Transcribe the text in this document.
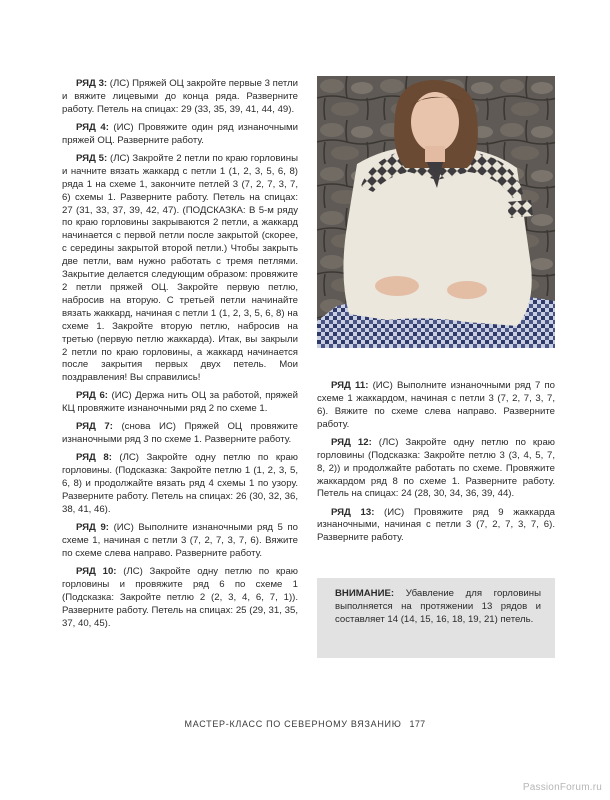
РЯД 3: (ЛС) Пряжей ОЦ закройте первые 3 петли и вяжите лицевыми до конца ряда. Разверните работу. Петель на спицах: 29 (33, 35, 39, 41, 44, 49).

РЯД 4: (ИС) Провяжите один ряд изнаночными пряжей ОЦ. Разверните работу.

РЯД 5: (ЛС) Закройте 2 петли по краю горловины и начните вязать жаккард с петли 1 (1, 2, 3, 5, 6, 8) ряда 1 на схеме 1, закончите петлей 3 (7, 2, 7, 3, 7, 6) схемы 1. Разверните работу. Петель на спицах: 27 (31, 33, 37, 39, 42, 47). (ПОДСКАЗКА: В 5-м ряду по краю горловины закрываются 2 петли, а жаккард начинается с первой петли после закрытой (скорее, с середины закрытой второй петли.) Чтобы закрыть две петли, вам нужно работать с тремя петлями. Закрытие делается следующим образом: провяжите 2 петли пряжей ОЦ. Закройте первую петлю, набросив на вторую. С третьей петли начинайте вязать жаккард, начиная с петли 1 (1, 2, 3, 5, 6, 8) на схеме 1. Закройте вторую петлю, набросив на третью (первую петлю жаккарда). Итак, вы закрыли 2 петли по краю горловины, а жаккард начинается после закрытия первых двух петель. Мои поздравления! Вы справились!

РЯД 6: (ИС) Держа нить ОЦ за работой, пряжей КЦ провяжите изнаночными ряд 2 по схеме 1.

РЯД 7: (снова ИС) Пряжей ОЦ провяжите изнаночными ряд 3 по схеме 1. Разверните работу.

РЯД 8: (ЛС) Закройте одну петлю по краю горловины. (Подсказка: Закройте петлю 1 (1, 2, 3, 5, 6, 8) и продолжайте вязать ряд 4 схемы 1 по узору. Разверните работу. Петель на спицах: 26 (30, 32, 36, 38, 41, 46).

РЯД 9: (ИС) Выполните изнаночными ряд 5 по схеме 1, начиная с петли 3 (7, 2, 7, 3, 7, 6). Вяжите по схеме слева направо. Разверните работу.

РЯД 10: (ЛС) Закройте одну петлю по краю горловины и провяжите ряд 6 по схеме 1 (Подсказка: Закройте петлю 2 (2, 3, 4, 6, 7, 1)). Разверните работу. Петель на спицах: 25 (29, 31, 35, 37, 40, 45).

РЯД 11: (ИС) Выполните изнаночными ряд 7 по схеме 1 жаккардом, начиная с петли 3 (7, 2, 7, 3, 7, 6). Вяжите по схеме слева направо. Разверните работу.

РЯД 12: (ЛС) Закройте одну петлю по краю горловины (Подсказка: Закройте петлю 3 (3, 4, 5, 7, 8, 2)) и продолжайте работать по схеме. Провяжите жаккардом ряд 8 по схеме 1. Разверните работу. Петель на спицах: 24 (28, 30, 34, 36, 39, 44).

РЯД 13: (ИС) Провяжите ряд 9 жаккарда изнаночными, начиная с петли 3 (7, 2, 7, 3, 7, 6). Разверните работу.

ВНИМАНИЕ: Убавление для горловины выполняется на протяжении 13 рядов и составляет 14 (14, 15, 16, 18, 19, 21) петель.
МАСТЕР-КЛАСС ПО СЕВЕРНОМУ ВЯЗАНИЮ 177
PassionForum.ru
